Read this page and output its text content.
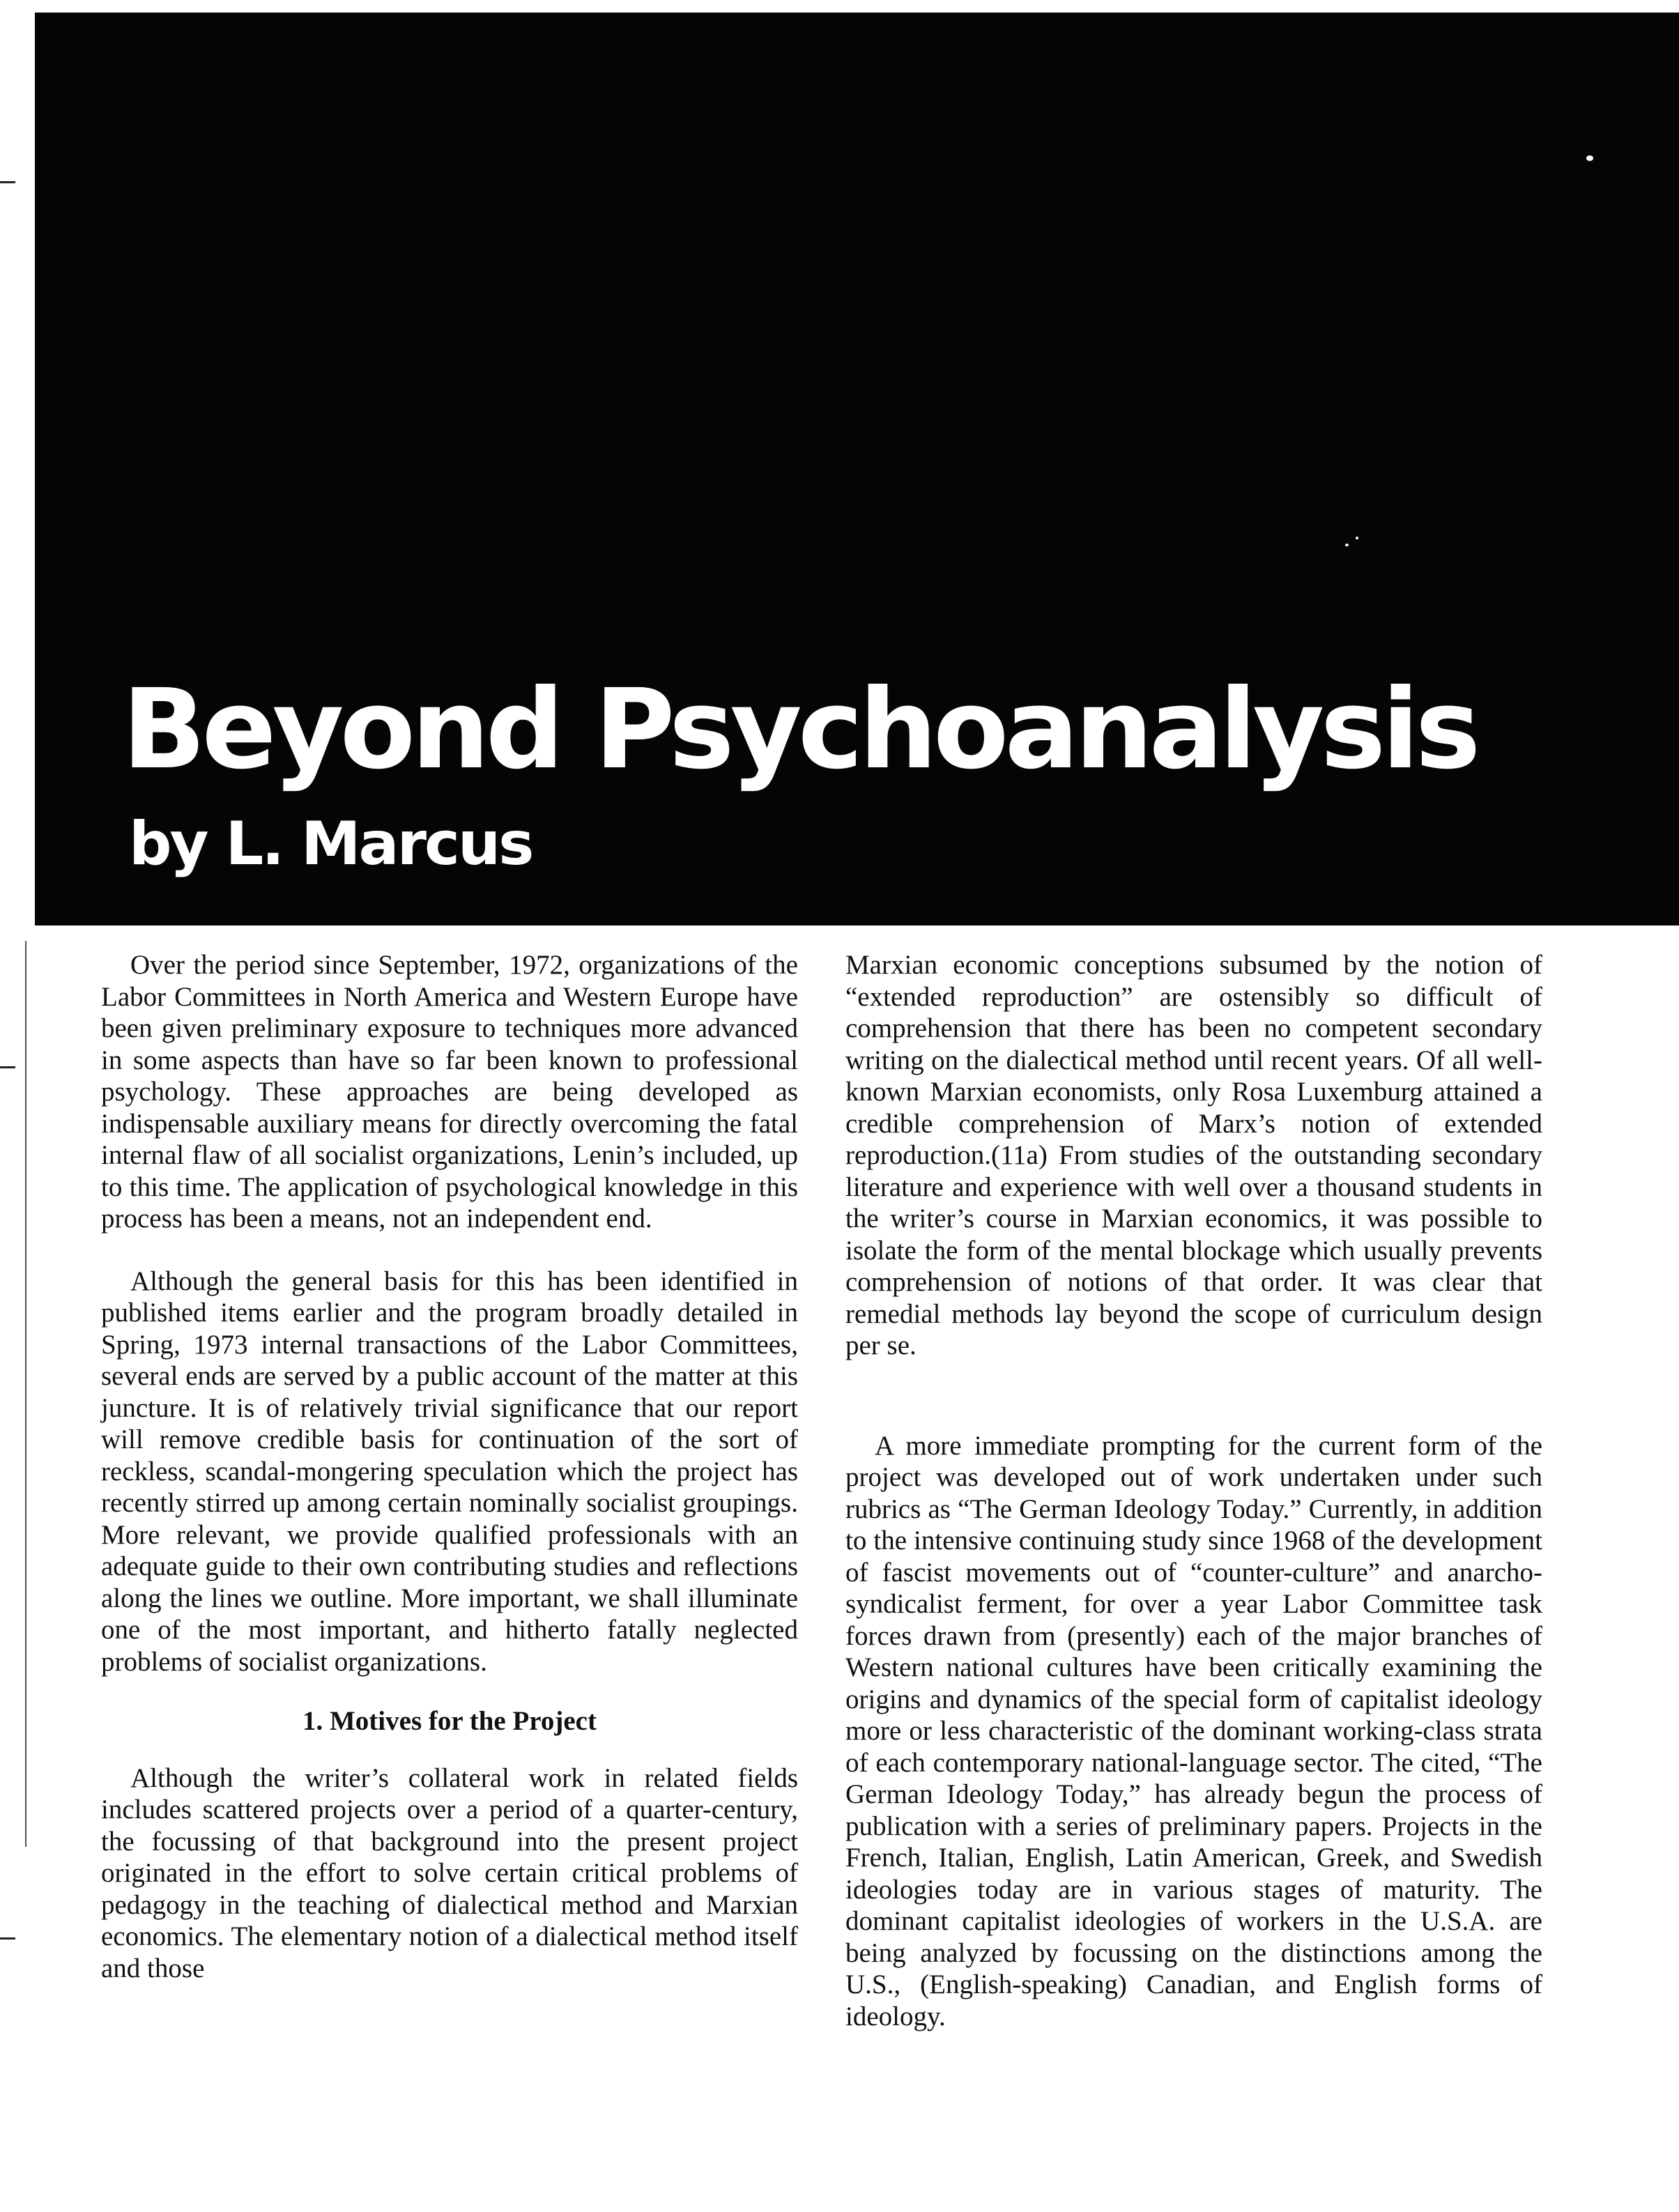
Beyond Psychoanalysis
by L. Marcus

Over the period since September, 1972, organizations of the Labor Committees in North America and Western Europe have been given preliminary exposure to techniques more advanced in some aspects than have so far been known to professional psychology. These approaches are being developed as indispensable auxiliary means for directly overcoming the fatal internal flaw of all socialist organizations, Lenin’s included, up to this time. The application of psychological knowledge in this process has been a means, not an independent end.

Although the general basis for this has been identified in published items earlier and the program broadly detailed in Spring, 1973 internal transactions of the Labor Committees, several ends are served by a public account of the matter at this juncture. It is of relatively trivial significance that our report will remove credible basis for continuation of the sort of reckless, scandal-mongering speculation which the project has recently stirred up among certain nominally socialist groupings. More relevant, we provide qualified professionals with an adequate guide to their own contributing studies and reflections along the lines we outline. More important, we shall illuminate one of the most important, and hitherto fatally neglected problems of socialist organizations.

1. Motives for the Project

Although the writer’s collateral work in related fields includes scattered projects over a period of a quarter-century, the focussing of that background into the present project originated in the effort to solve certain critical problems of pedagogy in the teaching of dialectical method and Marxian economics. The elementary notion of a dialectical method itself and those

Marxian economic conceptions subsumed by the notion of “extended reproduction” are ostensibly so difficult of comprehension that there has been no competent secondary writing on the dialectical method until recent years. Of all well-known Marxian economists, only Rosa Luxemburg attained a credible comprehension of Marx’s notion of extended reproduction.(11a) From studies of the outstanding secondary literature and experience with well over a thousand students in the writer’s course in Marxian economics, it was possible to isolate the form of the mental blockage which usually prevents comprehension of notions of that order. It was clear that remedial methods lay beyond the scope of curriculum design per se.

A more immediate prompting for the current form of the project was developed out of work undertaken under such rubrics as “The German Ideology Today.” Currently, in addition to the intensive continuing study since 1968 of the development of fascist movements out of “counter-culture” and anarcho-syndicalist ferment, for over a year Labor Committee task forces drawn from (presently) each of the major branches of Western national cultures have been critically examining the origins and dynamics of the special form of capitalist ideology more or less characteristic of the dominant working-class strata of each contemporary national-language sector. The cited, “The German Ideology Today,” has already begun the process of publication with a series of preliminary papers. Projects in the French, Italian, English, Latin American, Greek, and Swedish ideologies today are in various stages of maturity. The dominant capitalist ideologies of workers in the U.S.A. are being analyzed by focussing on the distinctions among the U.S., (English-speaking) Canadian, and English forms of ideology.
